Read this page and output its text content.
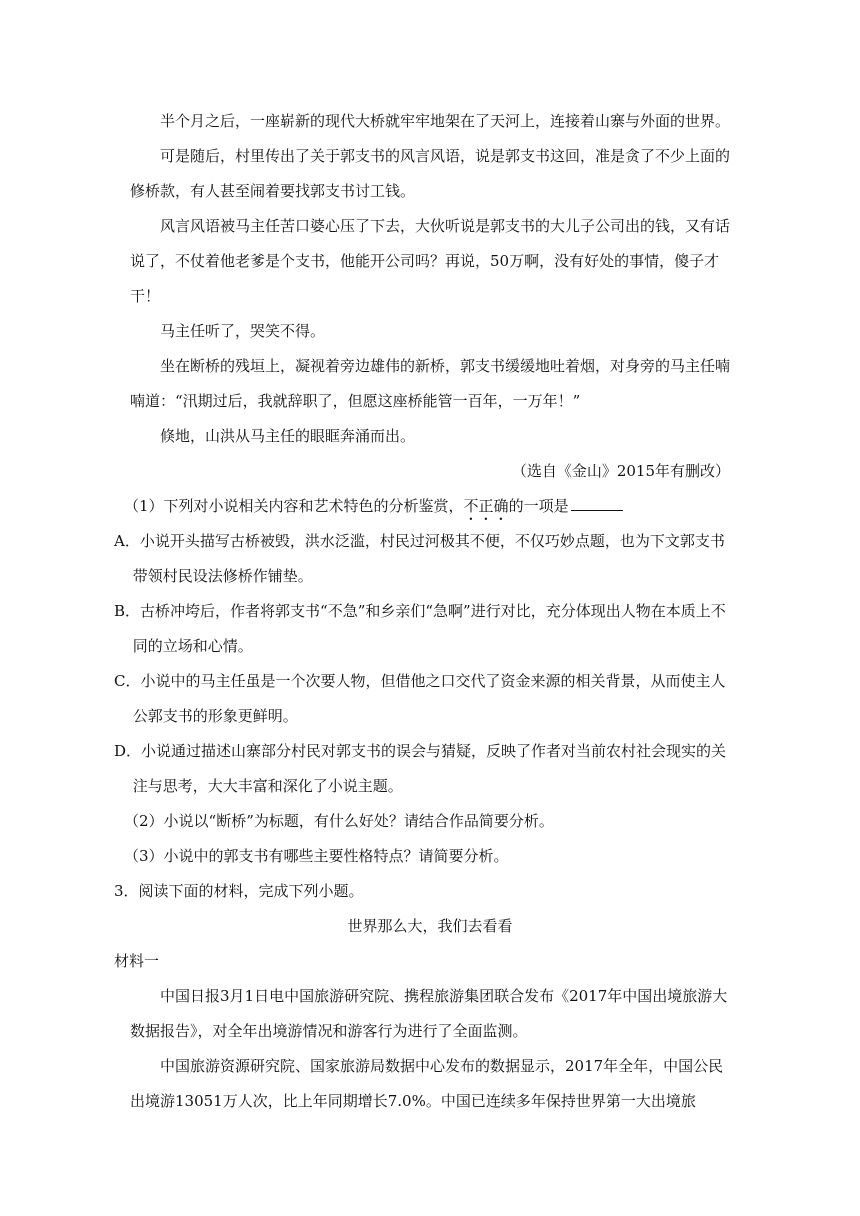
半个月之后，一座崭新的现代大桥就牢牢地架在了天河上，连接着山寨与外面的世界。

可是随后，村里传出了关于郭支书的风言风语，说是郭支书这回，准是贪了不少上面的修桥款，有人甚至闹着要找郭支书讨工钱。

风言风语被马主任苦口婆心压了下去，大伙听说是郭支书的大儿子公司出的钱，又有话说了，不仗着他老爹是个支书，他能开公司吗？再说，50万啊，没有好处的事情，傻子才干！

马主任听了，哭笑不得。

坐在断桥的残垣上，凝视着旁边雄伟的新桥，郭支书缓缓地吐着烟，对身旁的马主任喃喃道：“汛期过后，我就辞职了，但愿这座桥能管一百年，一万年！”

倏地，山洪从马主任的眼眶奔涌而出。

（选自《金山》2015年有删改）

（1）下列对小说相关内容和艺术特色的分析鉴赏，不正确的一项是

A．小说开头描写古桥被毁，洪水泛滥，村民过河极其不便，不仅巧妙点题，也为下文郭支书带领村民设法修桥作铺垫。

B．古桥冲垮后，作者将郭支书“不急”和乡亲们“急啊”进行对比，充分体现出人物在本质上不同的立场和心情。

C．小说中的马主任虽是一个次要人物，但借他之口交代了资金来源的相关背景，从而使主人公郭支书的形象更鲜明。

D．小说通过描述山寨部分村民对郭支书的误会与猜疑，反映了作者对当前农村社会现实的关注与思考，大大丰富和深化了小说主题。

（2）小说以“断桥”为标题，有什么好处？请结合作品简要分析。

（3）小说中的郭支书有哪些主要性格特点？请简要分析。

3．阅读下面的材料，完成下列小题。

世界那么大，我们去看看

材料一

中国日报3月1日电中国旅游研究院、携程旅游集团联合发布《2017年中国出境旅游大数据报告》，对全年出境游情况和游客行为进行了全面监测。

中国旅游资源研究院、国家旅游局数据中心发布的数据显示，2017年全年，中国公民出境游13051万人次，比上年同期增长7.0%。中国已连续多年保持世界第一大出境旅
